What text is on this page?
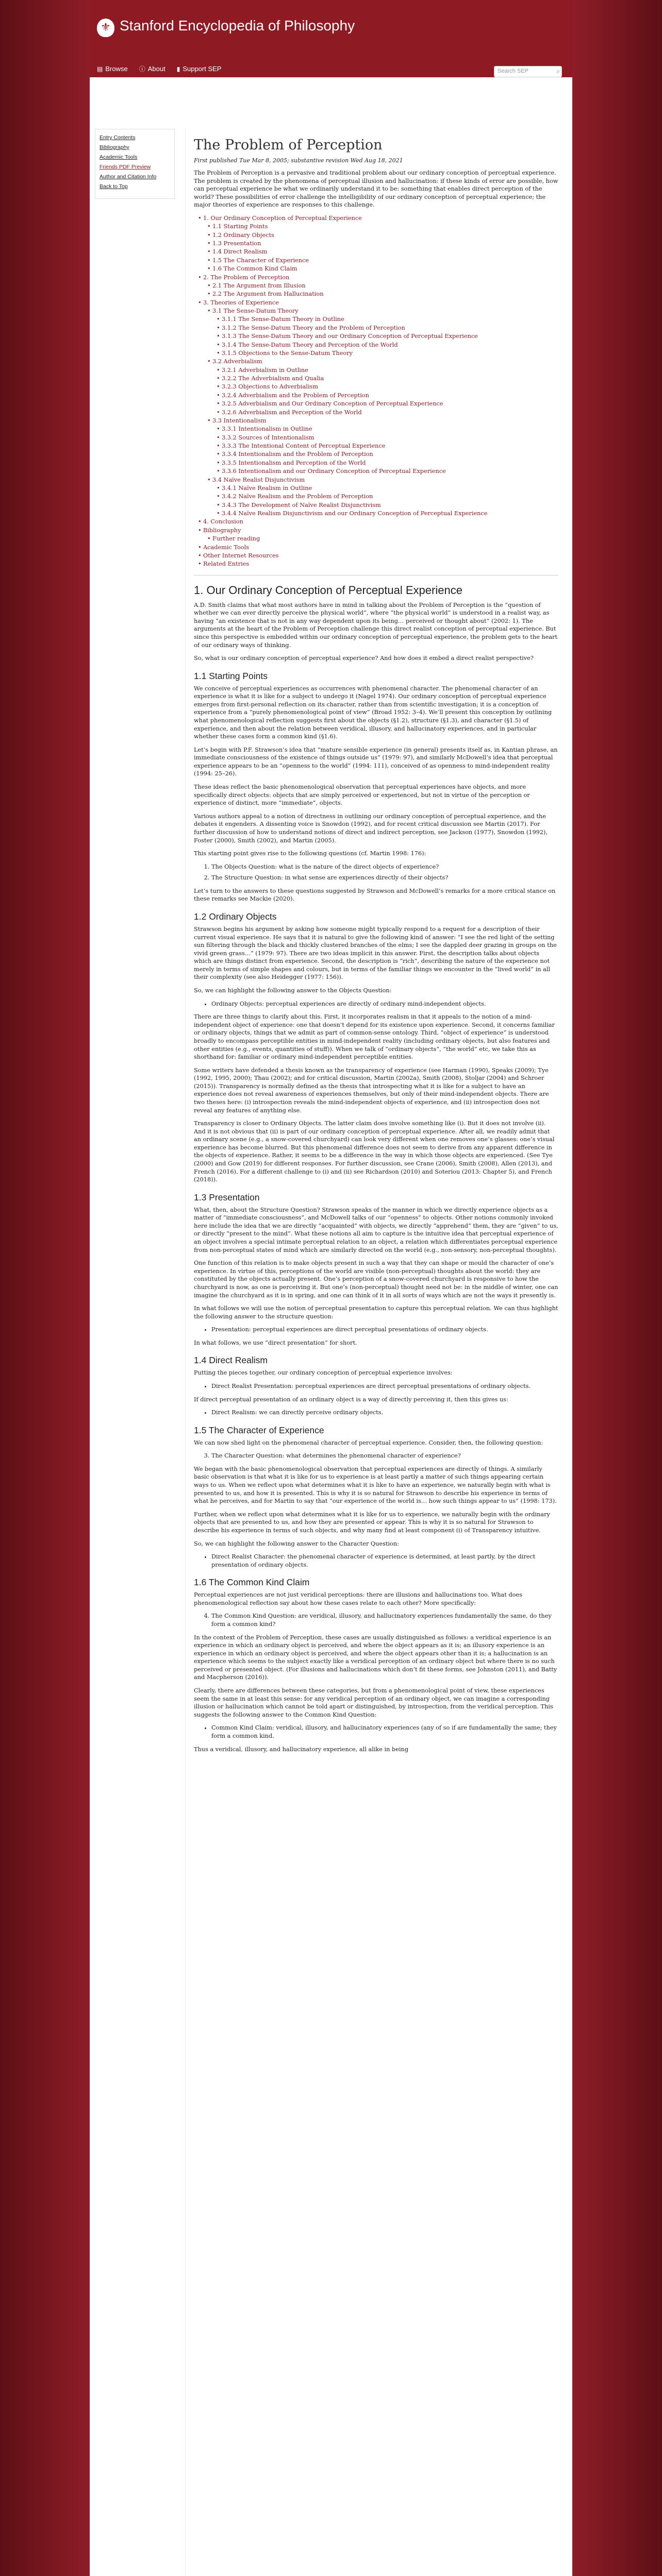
⚜ Stanford Encyclopedia of Philosophy
▤ Browse ⓘ About ▮ Support SEP	Search SEP	⌕
Entry Contents
Bibliography
Academic Tools
Friends PDF Preview
Author and Citation Info
Back to Top
The Problem of Perception
First published Tue Mar 8, 2005; substantive revision Wed Aug 18, 2021

The Problem of Perception is a pervasive and traditional problem about our ordinary conception of perceptual experience. The problem is created by the phenomena of perceptual illusion and hallucination: if these kinds of error are possible, how can perceptual experience be what we ordinarily understand it to be: something that enables direct perception of the world? These possibilities of error challenge the intelligibility of our ordinary conception of perceptual experience; the major theories of experience are responses to this challenge.

• 1. Our Ordinary Conception of Perceptual Experience
• 1.1 Starting Points
• 1.2 Ordinary Objects
• 1.3 Presentation
• 1.4 Direct Realism
• 1.5 The Character of Experience
• 1.6 The Common Kind Claim
• 2. The Problem of Perception
• 2.1 The Argument from Illusion
• 2.2 The Argument from Hallucination
• 3. Theories of Experience
• 3.1 The Sense-Datum Theory
• 3.1.1 The Sense-Datum Theory in Outline
• 3.1.2 The Sense-Datum Theory and the Problem of Perception
• 3.1.3 The Sense-Datum Theory and our Ordinary Conception of Perceptual Experience
• 3.1.4 The Sense-Datum Theory and Perception of the World
• 3.1.5 Objections to the Sense-Datum Theory
• 3.2 Adverbialism
• 3.2.1 Adverbialism in Outline
• 3.2.2 The Adverbialism and Qualia
• 3.2.3 Objections to Adverbialism
• 3.2.4 Adverbialism and the Problem of Perception
• 3.2.5 Adverbialism and Our Ordinary Conception of Perceptual Experience
• 3.2.6 Adverbialism and Perception of the World
• 3.3 Intentionalism
• 3.3.1 Intentionalism in Outline
• 3.3.2 Sources of Intentionalism
• 3.3.3 The Intentional Content of Perceptual Experience
• 3.3.4 Intentionalism and the Problem of Perception
• 3.3.5 Intentionalism and Perception of the World
• 3.3.6 Intentionalism and our Ordinary Conception of Perceptual Experience
• 3.4 Naïve Realist Disjunctivism
• 3.4.1 Naïve Realism in Outline
• 3.4.2 Naïve Realism and the Problem of Perception
• 3.4.3 The Development of Naïve Realist Disjunctivism
• 3.4.4 Naïve Realism Disjunctivism and our Ordinary Conception of Perceptual Experience
• 4. Conclusion
• Bibliography
• Further reading
• Academic Tools
• Other Internet Resources
• Related Entries
1. Our Ordinary Conception of Perceptual Experience

A.D. Smith claims that what most authors have in mind in talking about the Problem of Perception is the “question of whether we can ever directly perceive the physical world”, where “the physical world” is understood in a realist way, as having “an existence that is not in any way dependent upon its being… perceived or thought about” (2002: 1). The arguments at the heart of the Problem of Perception challenge this direct realist conception of perceptual experience. But since this perspective is embedded within our ordinary conception of perceptual experience, the problem gets to the heart of our ordinary ways of thinking.

So, what is our ordinary conception of perceptual experience? And how does it embed a direct realist perspective?

1.1 Starting Points

We conceive of perceptual experiences as occurrences with phenomenal character. The phenomenal character of an experience is what it is like for a subject to undergo it (Nagel 1974). Our ordinary conception of perceptual experience emerges from first-personal reflection on its character, rather than from scientific investigation; it is a conception of experience from a “purely phenomenological point of view” (Broad 1952: 3–4). We’ll present this conception by outlining what phenomenological reflection suggests first about the objects (§1.2), structure (§1.3), and character (§1.5) of experience, and then about the relation between veridical, illusory, and hallucinatory experiences, and in particular whether these cases form a common kind (§1.6).

Let’s begin with P.F. Strawson’s idea that “mature sensible experience (in general) presents itself as, in Kantian phrase, an immediate consciousness of the existence of things outside us” (1979: 97), and similarly McDowell’s idea that perceptual experience appears to be an “openness to the world” (1994: 111), conceived of as openness to mind-independent reality (1994: 25–26).

These ideas reflect the basic phenomenological observation that perceptual experiences have objects, and more specifically direct objects: objects that are simply perceived or experienced, but not in virtue of the perception or experience of distinct, more “immediate”, objects.

Various authors appeal to a notion of directness in outlining our ordinary conception of perceptual experience, and the debates it engenders. A dissenting voice is Snowdon (1992), and for recent critical discussion see Martin (2017). For further discussion of how to understand notions of direct and indirect perception, see Jackson (1977), Snowdon (1992), Foster (2000), Smith (2002), and Martin (2005).

This starting point gives rise to the following questions (cf. Martin 1998: 176):

1. The Objects Question: what is the nature of the direct objects of experience?
2. The Structure Question: in what sense are experiences directly of their objects?

Let’s turn to the answers to these questions suggested by Strawson and McDowell’s remarks for a more critical stance on these remarks see Mackie (2020).

1.2 Ordinary Objects

Strawson begins his argument by asking how someone might typically respond to a request for a description of their current visual experience. He says that it is natural to give the following kind of answer: “I see the red light of the setting sun filtering through the black and thickly clustered branches of the elms; I see the dappled deer grazing in groups on the vivid green grass…” (1979: 97). There are two ideas implicit in this answer. First, the description talks about objects which are things distinct from experience. Second, the description is “rich”, describing the nature of the experience not merely in terms of simple shapes and colours, but in terms of the familiar things we encounter in the “lived world” in all their complexity (see also Heidegger (1977: 156)).

So, we can highlight the following answer to the Objects Question:

• Ordinary Objects: perceptual experiences are directly of ordinary mind-independent objects.

There are three things to clarify about this. First, it incorporates realism in that it appeals to the notion of a mind-independent object of experience: one that doesn’t depend for its existence upon experience. Second, it concerns familiar or ordinary objects, things that we admit as part of common-sense ontology. Third, “object of experience” is understood broadly to encompass perceptible entities in mind-independent reality (including ordinary objects, but also features and other entities (e.g., events, quantities of stuff)). When we talk of “ordinary objects”, “the world” etc, we take this as shorthand for: familiar or ordinary mind-independent perceptible entities.

Some writers have defended a thesis known as the transparency of experience (see Harman (1990), Speaks (2009); Tye (1992, 1995, 2000); Thau (2002); and for critical discussion, Martin (2002a), Smith (2008), Stoljar (2004) and Schroer (2015)). Transparency is normally defined as the thesis that introspecting what it is like for a subject to have an experience does not reveal awareness of experiences themselves, but only of their mind-independent objects. There are two theses here: (i) introspection reveals the mind-independent objects of experience, and (ii) introspection does not reveal any features of anything else.

Transparency is closer to Ordinary Objects. The latter claim does involve something like (i). But it does not involve (ii). And it is not obvious that (ii) is part of our ordinary conception of perceptual experience. After all, we readily admit that an ordinary scene (e.g., a snow-covered churchyard) can look very different when one removes one’s glasses: one’s visual experience has become blurred. But this phenomenal difference does not seem to derive from any apparent difference in the objects of experience. Rather, it seems to be a difference in the way in which those objects are experienced. (See Tye (2000) and Gow (2019) for different responses. For further discussion, see Crane (2006), Smith (2008), Allen (2013), and French (2016). For a different challenge to (i) and (ii) see Richardson (2010) and Soteriou (2013: Chapter 5), and French (2018)).

1.3 Presentation

What, then, about the Structure Question? Strawson speaks of the manner in which we directly experience objects as a matter of “immediate consciousness”, and McDowell talks of our “openness” to objects. Other notions commonly invoked here include the idea that we are directly “acquainted” with objects, we directly “apprehend” them, they are “given” to us, or directly “present to the mind”. What these notions all aim to capture is the intuitive idea that perceptual experience of an object involves a special intimate perceptual relation to an object, a relation which differentiates perceptual experience from non-perceptual states of mind which are similarly directed on the world (e.g., non-sensory, non-perceptual thoughts).

One function of this relation is to make objects present in such a way that they can shape or mould the character of one’s experience. In virtue of this, perceptions of the world are visible (non-perceptual) thoughts about the world: they are constituted by the objects actually present. One’s perception of a snow-covered churchyard is responsive to how the churchyard is now, as one is perceiving it. But one’s (non-perceptual) thought need not be: in the middle of winter, one can imagine the churchyard as it is in spring, and one can think of it in all sorts of ways which are not the ways it presently is.

In what follows we will use the notion of perceptual presentation to capture this perceptual relation. We can thus highlight the following answer to the structure question:

• Presentation: perceptual experiences are direct perceptual presentations of ordinary objects.

In what follows, we use “direct presentation” for short.

1.4 Direct Realism

Putting the pieces together, our ordinary conception of perceptual experience involves:

• Direct Realist Presentation: perceptual experiences are direct perceptual presentations of ordinary objects.

If direct perceptual presentation of an ordinary object is a way of directly perceiving it, then this gives us:

• Direct Realism: we can directly perceive ordinary objects.
1.5 The Character of Experience

We can now shed light on the phenomenal character of perceptual experience. Consider, then, the following question:

3. The Character Question: what determines the phenomenal character of experience?

We began with the basic phenomenological observation that perceptual experiences are directly of things. A similarly basic observation is that what it is like for us to experience is at least partly a matter of such things appearing certain ways to us. When we reflect upon what determines what it is like to have an experience, we naturally begin with what is presented to us, and how it is presented. This is why it is so natural for Strawson to describe his experience in terms of what he perceives, and for Martin to say that “our experience of the world is… how such things appear to us” (1998: 173).

Further, when we reflect upon what determines what it is like for us to experience, we naturally begin with the ordinary objects that are presented to us, and how they are presented or appear. This is why it is so natural for Strawson to describe his experience in terms of such objects, and why many find at least component (i) of Transparency intuitive.

So, we can highlight the following answer to the Character Question:

• Direct Realist Character: the phenomenal character of experience is determined, at least partly, by the direct presentation of ordinary objects.
1.6 The Common Kind Claim

Perceptual experiences are not just veridical perceptions: there are illusions and hallucinations too. What does phenomenological reflection say about how these cases relate to each other? More specifically:

4. The Common Kind Question: are veridical, illusory, and hallucinatory experiences fundamentally the same, do they form a common kind?

In the context of the Problem of Perception, these cases are usually distinguished as follows: a veridical experience is an experience in which an ordinary object is perceived, and where the object appears as it is; an illusory experience is an experience in which an ordinary object is perceived, and where the object appears other than it is; a hallucination is an experience which seems to the subject exactly like a veridical perception of an ordinary object but where there is no such perceived or presented object. (For illusions and hallucinations which don’t fit these forms, see Johnston (2011), and Batty and Macpherson (2016)).

Clearly, there are differences between these categories, but from a phenomenological point of view, these experiences seem the same in at least this sense: for any veridical perception of an ordinary object, we can imagine a corresponding illusion or hallucination which cannot be told apart or distinguished, by introspection, from the veridical perception. This suggests the following answer to the Common Kind Question:

• Common Kind Claim: veridical, illusory, and hallucinatory experiences (any of so if are fundamentally the same; they form a common kind.

Thus a veridical, illusory, and hallucinatory experience, all alike in being
